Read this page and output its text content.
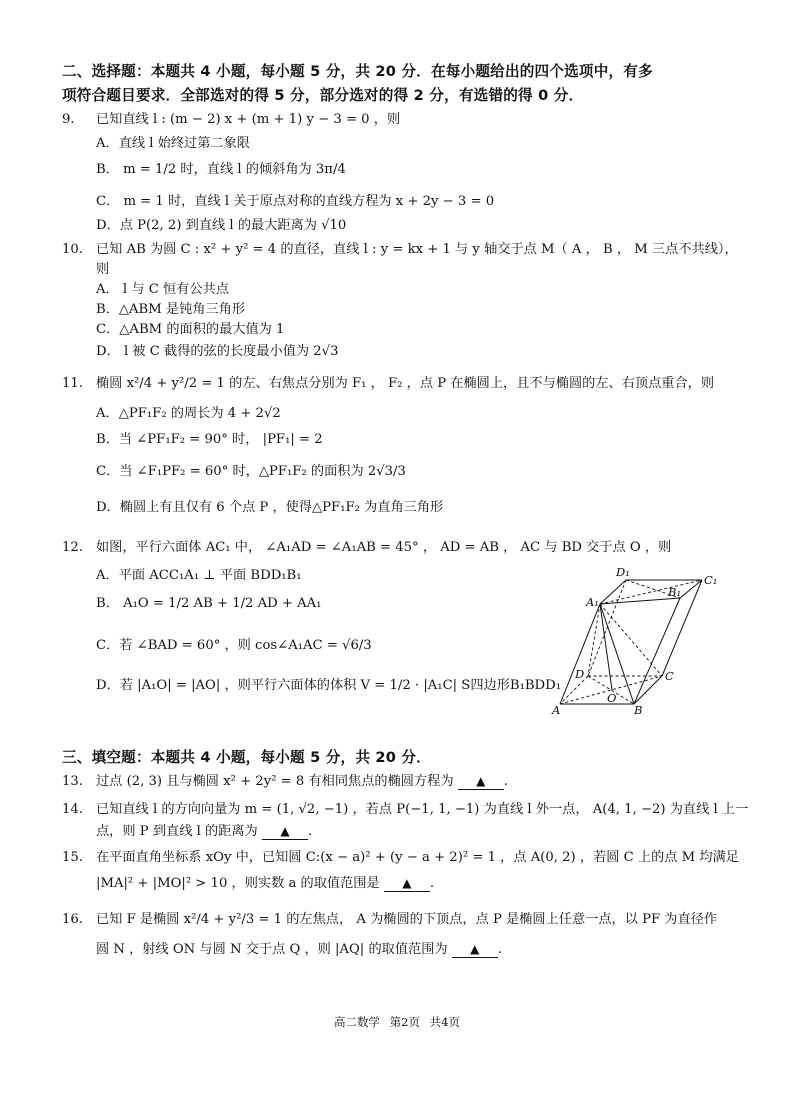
二、选择题：本题共 4 小题，每小题 5 分，共 20 分．在每小题给出的四个选项中，有多
项符合题目要求．全部选对的得 5 分，部分选对的得 2 分，有选错的得 0 分．
9. 已知直线 l : (m − 2) x + (m + 1) y − 3 = 0 ，则
A．直线 l 始终过第二象限
B． m = 1/2 时，直线 l 的倾斜角为 3π/4
C． m = 1 时，直线 l 关于原点对称的直线方程为 x + 2y − 3 = 0
D．点 P(2, 2) 到直线 l 的最大距离为 √10
10. 已知 AB 为圆 C : x² + y² = 4 的直径，直线 l : y = kx + 1 与 y 轴交于点 M（ A ， B ， M 三点不共线），
则
A． l 与 C 恒有公共点
B．△ABM 是钝角三角形
C．△ABM 的面积的最大值为 1
D． l 被 C 截得的弦的长度最小值为 2√3
11. 椭圆 x²/4 + y²/2 = 1 的左、右焦点分别为 F₁ ， F₂ ，点 P 在椭圆上，且不与椭圆的左、右顶点重合，则
A．△PF₁F₂ 的周长为 4 + 2√2
B．当 ∠PF₁F₂ = 90° 时， |PF₁| = 2
C．当 ∠F₁PF₂ = 60° 时，△PF₁F₂ 的面积为 2√3/3
D．椭圆上有且仅有 6 个点 P ，使得△PF₁F₂ 为直角三角形
12. 如图，平行六面体 AC₁ 中， ∠A₁AD = ∠A₁AB = 45° ， AD = AB ， AC 与 BD 交于点 O ，则
A．平面 ACC₁A₁ ⊥ 平面 BDD₁B₁
B． A₁O = 1/2 AB + 1/2 AD + AA₁
C．若 ∠BAD = 60° ，则 cos∠A₁AC = √6/3
D．若 |A₁O| = |AO| ，则平行六面体的体积 V = 1/2 · |A₁C| S四边形B₁BDD₁
D₁
C₁
B₁
A₁
D	C
O
A	B
三、填空题：本题共 4 小题，每小题 5 分，共 20 分．
13. 过点 (2, 3) 且与椭圆 x² + 2y² = 8 有相同焦点的椭圆方程为 ▲ .
14. 已知直线 l 的方向向量为 m = (1, √2, −1) ，若点 P(−1, 1, −1) 为直线 l 外一点， A(4, 1, −2) 为直线 l 上一
点，则 P 到直线 l 的距离为 ▲ .
15. 在平面直角坐标系 xOy 中，已知圆 C:(x − a)² + (y − a + 2)² = 1 ，点 A(0, 2) ，若圆 C 上的点 M 均满足
|MA|² + |MO|² > 10 ，则实数 a 的取值范围是 ▲ .
16. 已知 F 是椭圆 x²/4 + y²/3 = 1 的左焦点， A 为椭圆的下顶点，点 P 是椭圆上任意一点，以 PF 为直径作
圆 N ，射线 ON 与圆 N 交于点 Q ，则 |AQ| 的取值范围为 ▲ .
高二数学 第2页 共4页
